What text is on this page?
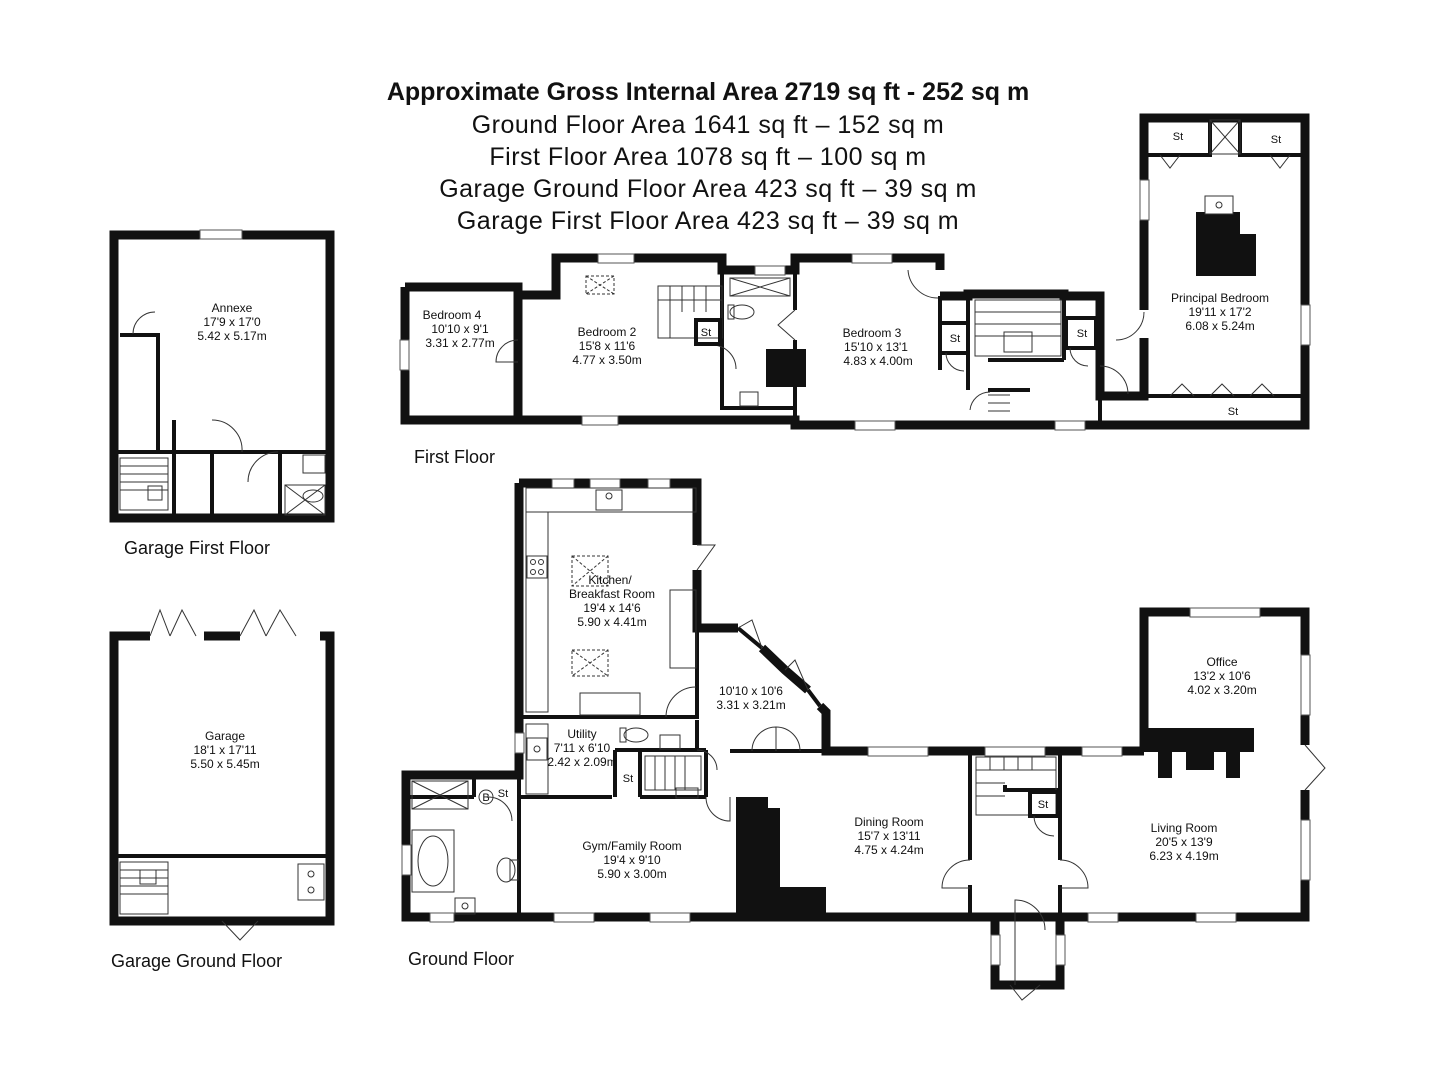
Approximate Gross Internal Area 2719 sq ft - 252 sq m
Ground Floor Area 1641 sq ft – 152 sq m
First Floor Area 1078 sq ft – 100 sq m
Garage Ground Floor Area 423 sq ft – 39 sq m
Garage First Floor Area 423 sq ft – 39 sq m
Annexe
17'9 x 17'0
5.42 x 5.17m
Garage First Floor
Garage
18'1 x 17'11
5.50 x 5.45m
Garage Ground Floor
St	St	St
St	St
St
Bedroom 4
10'10 x 9'1
3.31 x 2.77m
Bedroom 2
15'8 x 11'6
4.77 x 3.50m
Bedroom 3
15'10 x 13'1
4.83 x 4.00m
Principal Bedroom
19'11 x 17'2
6.08 x 5.24m
First Floor
St
B St
St
Kitchen/
Breakfast Room
19'4 x 14'6
5.90 x 4.41m
10'10 x 10'6
3.31 x 3.21m
Utility
7'11 x 6'10
2.42 x 2.09m
Gym/Family Room
19'4 x 9'10
5.90 x 3.00m
Dining Room
15'7 x 13'11
4.75 x 4.24m
Office
13'2 x 10'6
4.02 x 3.20m
Living Room
20'5 x 13'9
6.23 x 4.19m
Ground Floor
